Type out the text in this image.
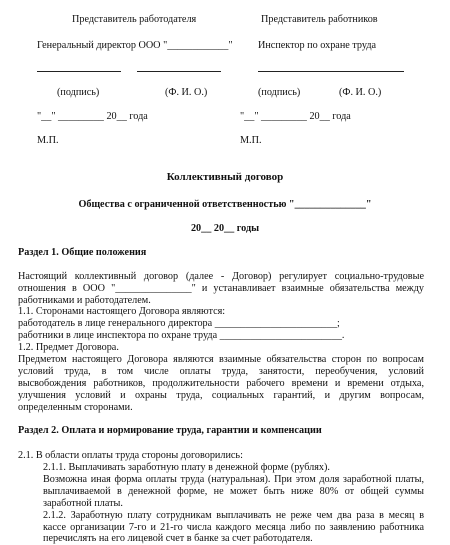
Представитель работодателя	Представитель работников
Генеральный директор ООО "____________" Инспектор по охране труда
(подпись)	(Ф. И. О.)	(подпись)	(Ф. И. О.)
"__" _________ 20__ года	"__" _________ 20__ года
М.П.	М.П.
Коллективный договор
Общества с ограниченной ответственностью "______________"
20__ 20__ годы
Раздел 1. Общие положения
Настоящий коллективный договор (далее - Договор) регулирует социально-трудовые
отношения в ООО "_______________" и устанавливает взаимные обязательства между
работниками и работодателем.
1.1. Сторонами настоящего Договора являются:
работодатель в лице генерального директора ________________________;
работники в лице инспектора по охране труда ________________________.
1.2. Предмет Договора.
Предметом настоящего Договора являются взаимные обязательства сторон по вопросам
условий труда, в том числе оплаты труда, занятости, переобучения, условий
высвобождения работников, продолжительности рабочего времени и времени отдыха,
улучшения условий и охраны труда, социальных гарантий, и другим вопросам,
определенным сторонами.
Раздел 2. Оплата и нормирование труда, гарантии и компенсации
2.1. В области оплаты труда стороны договорились:
2.1.1. Выплачивать заработную плату в денежной форме (рублях).
Возможна иная форма оплаты труда (натуральная). При этом доля заработной платы,
выплачиваемой в денежной форме, не может быть ниже 80% от общей суммы
заработной платы.
2.1.2. Заработную плату сотрудникам выплачивать не реже чем два раза в месяц в
кассе организации 7-го и 21-го числа каждого месяца либо по заявлению работника
перечислять на его лицевой счет в банке за счет работодателя.
